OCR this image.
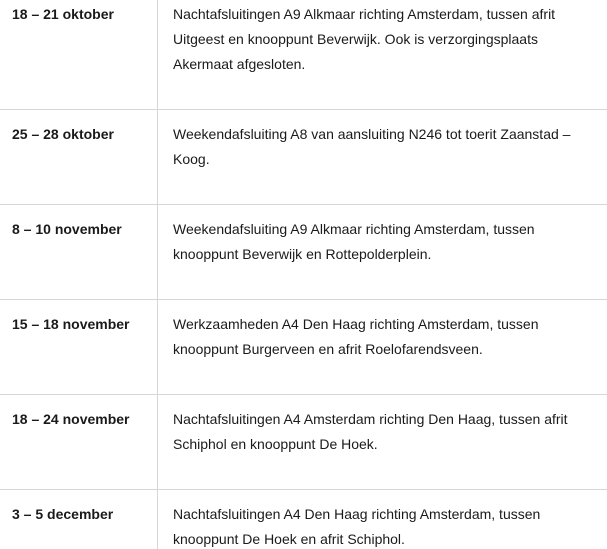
18 – 21 oktober	Nachtafsluitingen A9 Alkmaar richting Amsterdam, tussen afrit Uitgeest en knooppunt Beverwijk. Ook is verzorgingsplaats Akermaat afgesloten.
25 – 28 oktober	Weekendafsluiting A8 van aansluiting N246 tot toerit Zaanstad – Koog.
8 – 10 november	Weekendafsluiting A9 Alkmaar richting Amsterdam, tussen knooppunt Beverwijk en Rottepolderplein.
15 – 18 november	Werkzaamheden A4 Den Haag richting Amsterdam, tussen knooppunt Burgerveen en afrit Roelofarendsveen.
18 – 24 november	Nachtafsluitingen A4 Amsterdam richting Den Haag, tussen afrit Schiphol en knooppunt De Hoek.
3 – 5 december	Nachtafsluitingen A4 Den Haag richting Amsterdam, tussen knooppunt De Hoek en afrit Schiphol.
